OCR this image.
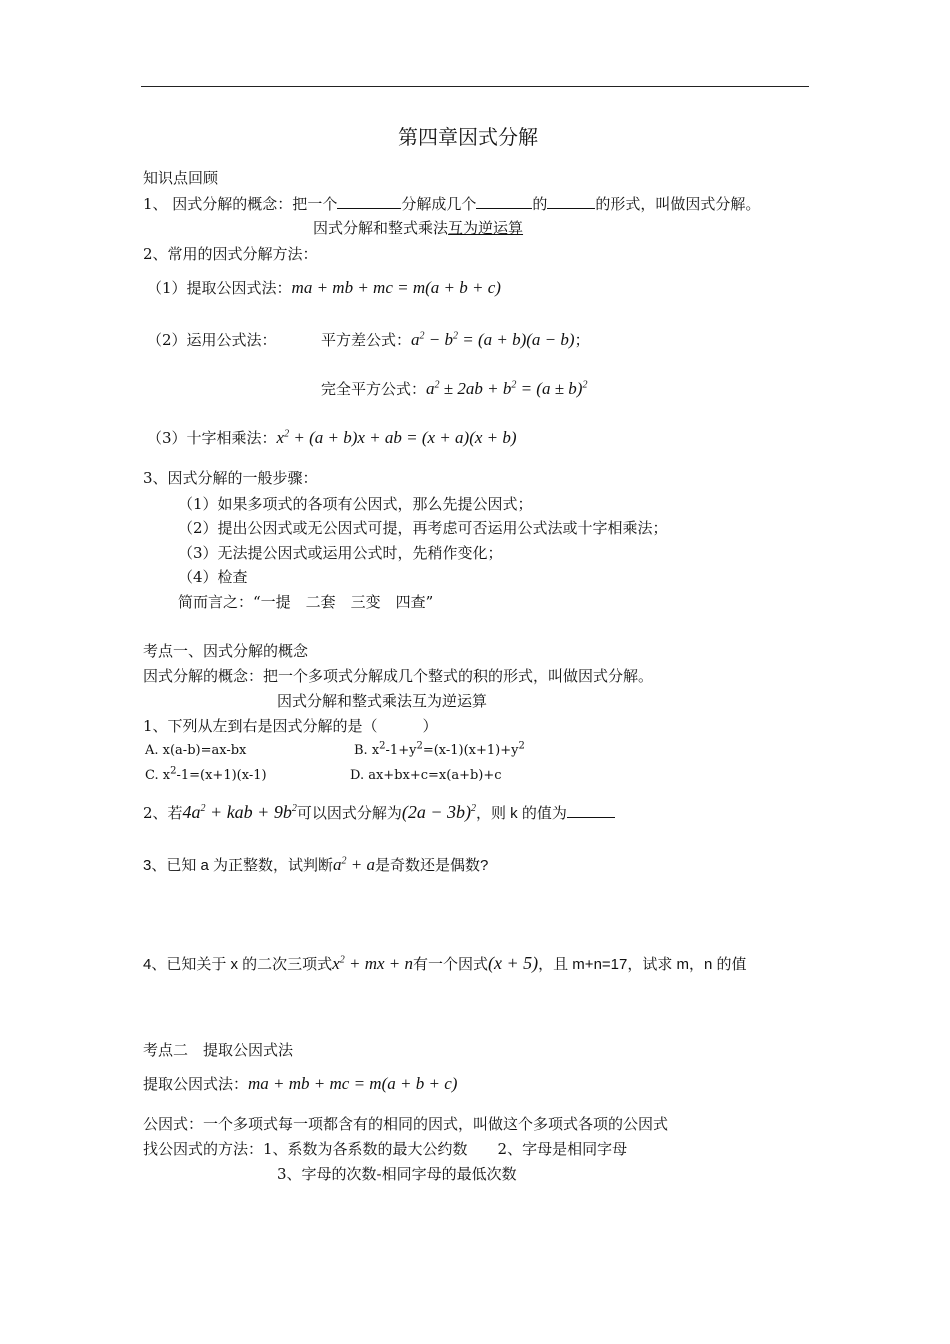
第四章因式分解
知识点回顾
1、 因式分解的概念：把一个	分解成几个	的	的形式，叫做因式分解。
因式分解和整式乘法互为逆运算
2、常用的因式分解方法：
（1）提取公因式法：ma + mb + mc = m(a + b + c)
（2）运用公式法：	平方差公式：$a^2 - b^2 = (a + b)(a - b)$；
完全平方公式：$a^2 \pm 2ab + b^2 = (a \pm b)^2$
（3）十字相乘法：$x^2 + (a + b)x$ + ab = (x + a)(x + b)
3、因式分解的一般步骤：
（1）如果多项式的各项有公因式，那么先提公因式；
（2）提出公因式或无公因式可提，再考虑可否运用公式法或十字相乘法；
（3）无法提公因式或运用公式时，先稍作变化；
（4）检查
简而言之：“一提　二套　三变　四查”
考点一、因式分解的概念
因式分解的概念：把一个多项式分解成几个整式的积的形式，叫做因式分解。
因式分解和整式乘法互为逆运算
1、下列从左到右是因式分解的是（　　　）
A. x(a-b)=ax-bx	B. $x^2-1+y^2=(x-1)(x+1)+y^2$
C. $x^2-1=(x+1)(x-1)$	D. ax+bx+c=x(a+b)+c
2、若$4a^2$ + kab + $9b^2$可以因式分解为$(2a - 3b)^2$，则 k 的值为
3、已知 a 为正整数，试判断$a^2 + a$是奇数还是偶数?
4、已知关于 x 的二次三项式$x^2$ + mx + n有一个因式(x + 5)，且 m+n=17，试求 m，n 的值
考点二　提取公因式法
提取公因式法：ma + mb + mc = m(a + b + c)
公因式：一个多项式每一项都含有的相同的因式，叫做这个多项式各项的公因式
找公因式的方法：1、系数为各系数的最大公约数　　2、字母是相同字母
3、字母的次数-相同字母的最低次数
